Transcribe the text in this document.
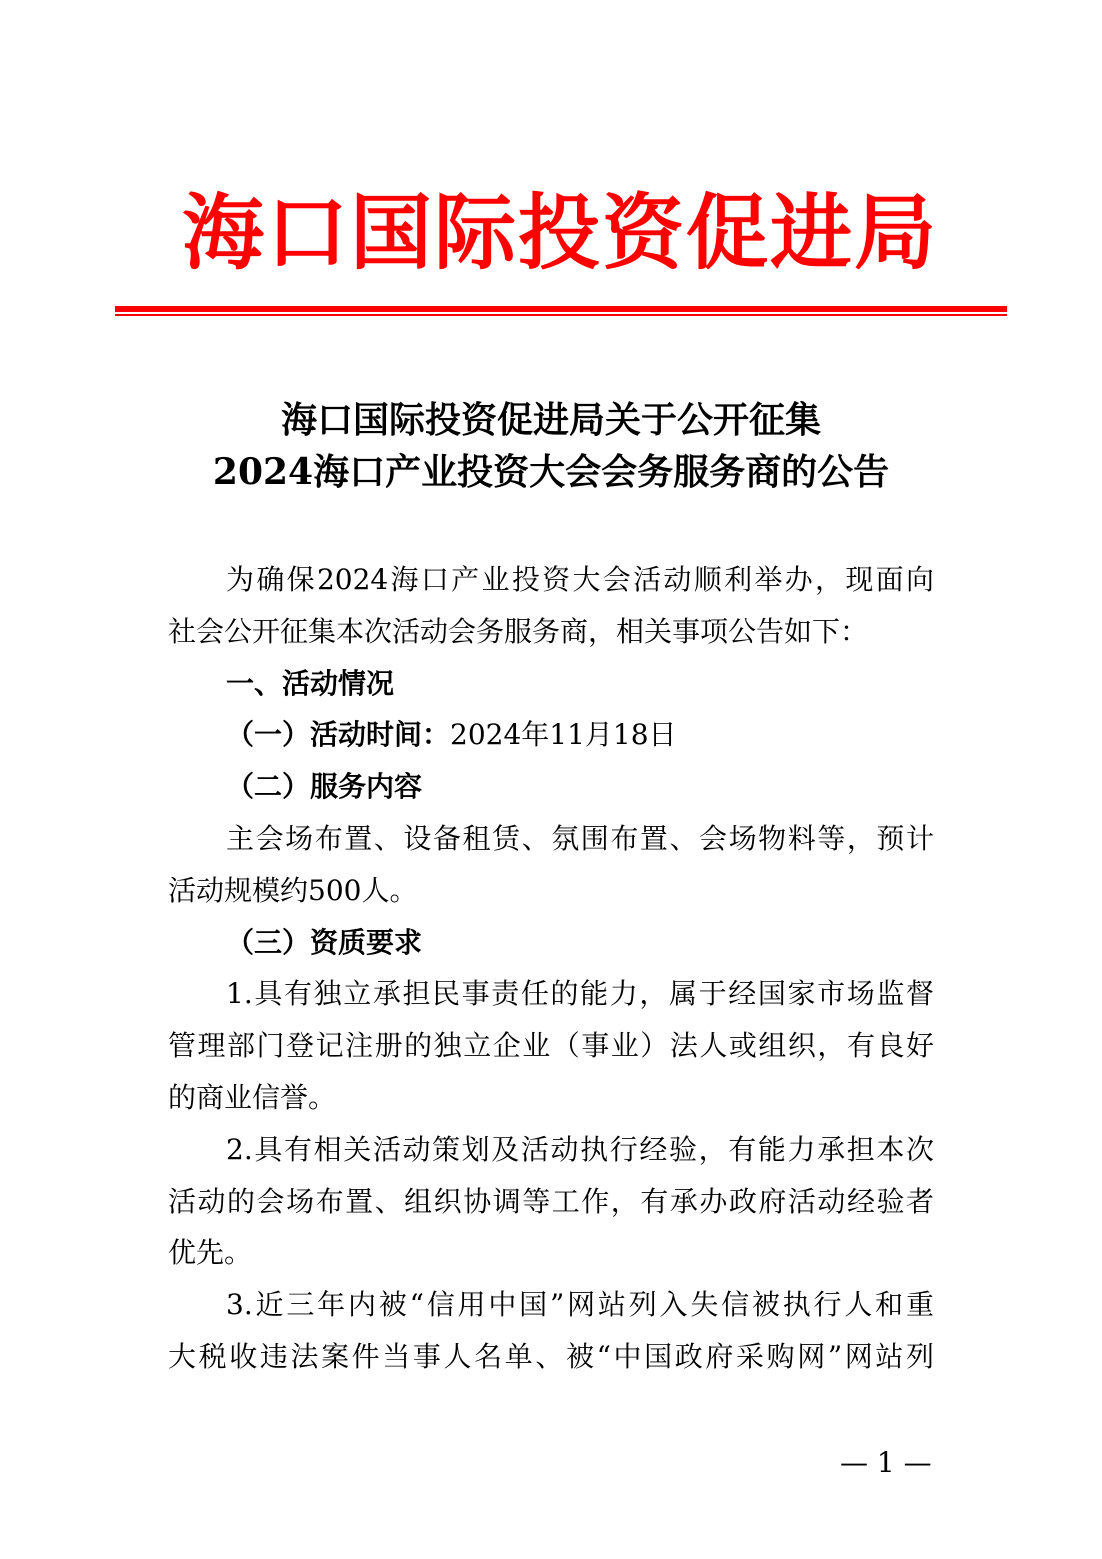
海口国际投资促进局
海口国际投资促进局关于公开征集
2024海口产业投资大会会务服务商的公告
为确保2024海口产业投资大会活动顺利举办，现面向
社会公开征集本次活动会务服务商，相关事项公告如下：
一、活动情况
（一）活动时间：2024年11月18日
（二）服务内容
主会场布置、设备租赁、氛围布置、会场物料等，预计
活动规模约500人。
（三）资质要求
1.具有独立承担民事责任的能力，属于经国家市场监督
管理部门登记注册的独立企业（事业）法人或组织，有良好
的商业信誉。
2.具有相关活动策划及活动执行经验，有能力承担本次
活动的会场布置、组织协调等工作，有承办政府活动经验者
优先。
3.近三年内被“信用中国”网站列入失信被执行人和重
大税收违法案件当事人名单、被“中国政府采购网”网站列
— 1 —
